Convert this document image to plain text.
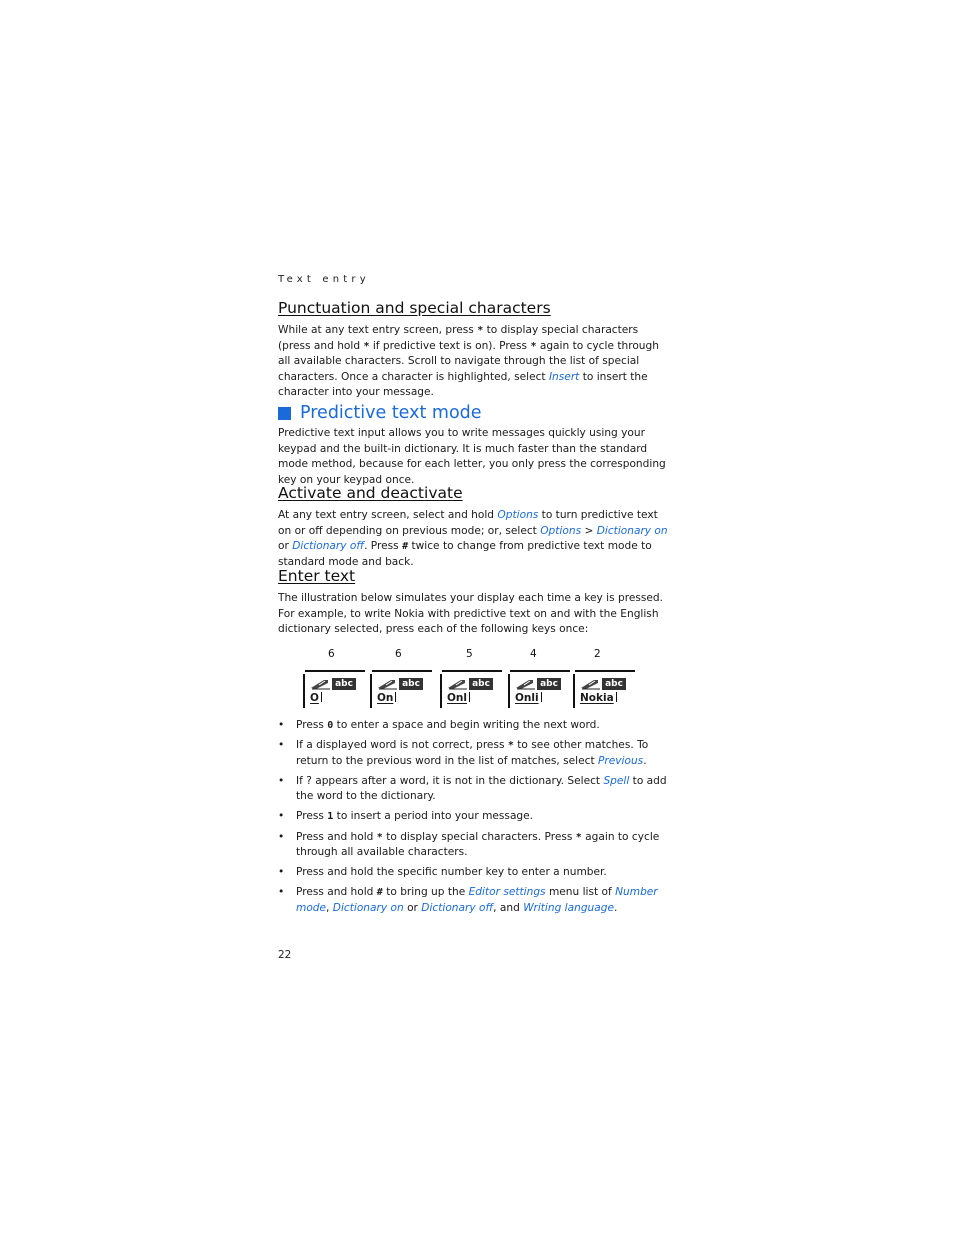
Text entry
Punctuation and special characters

While at any text entry screen, press * to display special characters (press and hold * if predictive text is on). Press * again to cycle through all available characters. Scroll to navigate through the list of special characters. Once a character is highlighted, select Insert to insert the character into your message.

Predictive text mode

Predictive text input allows you to write messages quickly using your keypad and the built-in dictionary. It is much faster than the standard mode method, because for each letter, you only press the corresponding key on your keypad once.

Activate and deactivate

At any text entry screen, select and hold Options to turn predictive text on or off depending on previous mode; or, select Options > Dictionary on or Dictionary off. Press # twice to change from predictive text mode to standard mode and back.

Enter text

The illustration below simulates your display each time a key is pressed. For example, to write Nokia with predictive text on and with the English dictionary selected, press each of the following keys once:

6	6	5	4	2
abc
O
abc
On
abc
Onl
abc
Onli
abc
Nokia
• Press 0 to enter a space and begin writing the next word.
• If a displayed word is not correct, press * to see other matches. To return to the previous word in the list of matches, select Previous.
• If ? appears after a word, it is not in the dictionary. Select Spell to add the word to the dictionary.
• Press 1 to insert a period into your message.
• Press and hold * to display special characters. Press * again to cycle through all available characters.
• Press and hold the specific number key to enter a number.
• Press and hold # to bring up the Editor settings menu list of Number mode, Dictionary on or Dictionary off, and Writing language.
22
